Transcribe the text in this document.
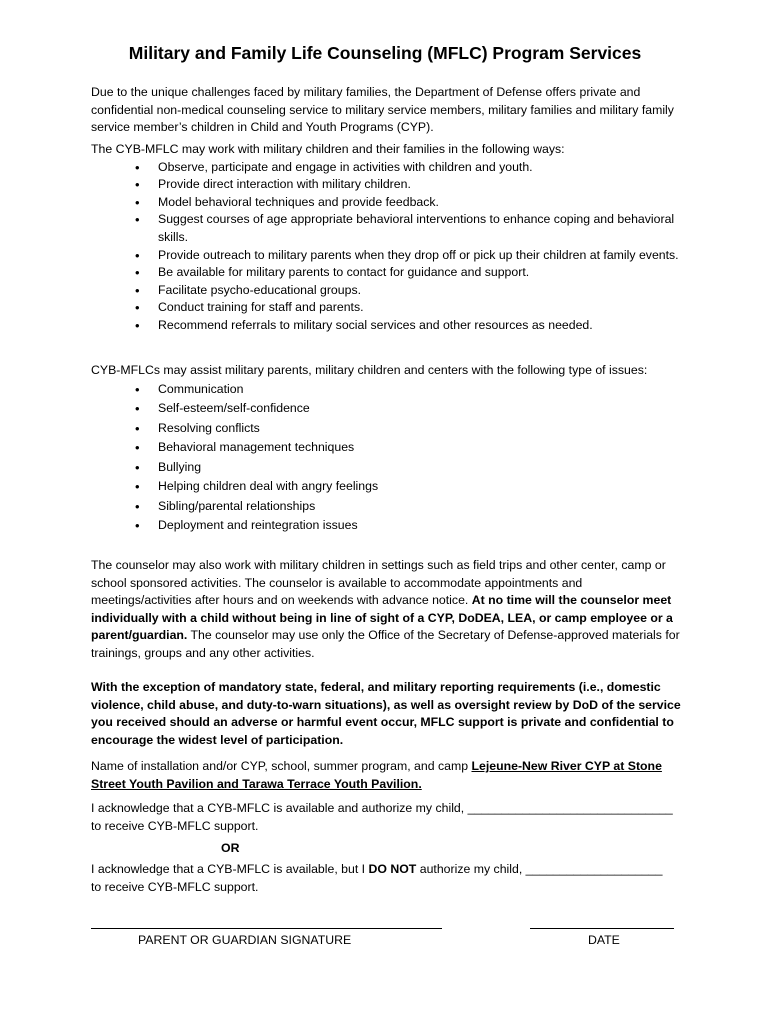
Military and Family Life Counseling (MFLC) Program Services

Due to the unique challenges faced by military families, the Department of Defense offers private and confidential non-medical counseling service to military service members, military families and military family service member’s children in Child and Youth Programs (CYP).

The CYB-MFLC may work with military children and their families in the following ways:

• Observe, participate and engage in activities with children and youth.
• Provide direct interaction with military children.
• Model behavioral techniques and provide feedback.
• Suggest courses of age appropriate behavioral interventions to enhance coping and behavioral skills.
• Provide outreach to military parents when they drop off or pick up their children at family events.
• Be available for military parents to contact for guidance and support.
• Facilitate psycho-educational groups.
• Conduct training for staff and parents.
• Recommend referrals to military social services and other resources as needed.

CYB-MFLCs may assist military parents, military children and centers with the following type of issues:

• Communication
• Self-esteem/self-confidence
• Resolving conflicts
• Behavioral management techniques
• Bullying
• Helping children deal with angry feelings
• Sibling/parental relationships
• Deployment and reintegration issues

The counselor may also work with military children in settings such as field trips and other center, camp or school sponsored activities. The counselor is available to accommodate appointments and meetings/activities after hours and on weekends with advance notice. At no time will the counselor meet individually with a child without being in line of sight of a CYP, DoDEA, LEA, or camp employee or a parent/guardian. The counselor may use only the Office of the Secretary of Defense-approved materials for trainings, groups and any other activities.

With the exception of mandatory state, federal, and military reporting requirements (i.e., domestic violence, child abuse, and duty-to-warn situations), as well as oversight review by DoD of the service you received should an adverse or harmful event occur, MFLC support is private and confidential to encourage the widest level of participation.

Name of installation and/or CYP, school, summer program, and camp Lejeune-New River CYP at Stone Street Youth Pavilion and Tarawa Terrace Youth Pavilion.

I acknowledge that a CYB-MFLC is available and authorize my child, ______________________________

to receive CYB-MFLC support.

OR

I acknowledge that a CYB-MFLC is available, but I DO NOT authorize my child, ____________________

to receive CYB-MFLC support.

PARENT OR GUARDIAN SIGNATURE	DATE
